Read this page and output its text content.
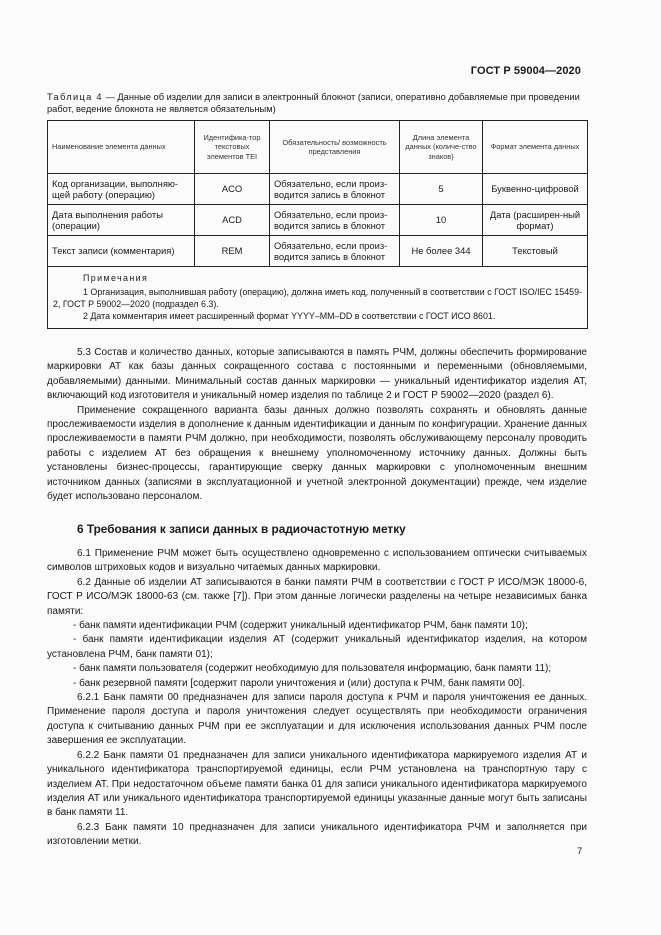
ГОСТ Р 59004—2020
Таблица 4 — Данные об изделии для записи в электронный блокнот (записи, оперативно добавляемые при проведении работ, ведение блокнота не является обязательным)
Наименование элемента данных	Идентифика-тор текстовых элементов TEI	Обязательность/ возможность представления	Длина элемента данных (количе-ство знаков)	Формат элемента данных
Код организации, выполняю-щей работу (операцию)	ACO	Обязательно, если произ-водится запись в блокнот	5	Буквенно-цифровой
Дата выполнения работы (операции)	ACD	Обязательно, если произ-водится запись в блокнот	10	Дата (расширен-ный формат)
Текст записи (комментария)	REM	Обязательно, если произ-водится запись в блокнот	Не более 344	Текстовый

Примечания
1 Организация, выполнившая работу (операцию), должна иметь код, полученный в соответствии с ГОСТ ISO/IEC 15459-2, ГОСТ Р 59002—2020 (подраздел 6.3).
2 Дата комментария имеет расширенный формат YYYY–MM–DD в соответствии с ГОСТ ИСО 8601.				

5.3 Состав и количество данных, которые записываются в память РЧМ, должны обеспечить формирование маркировки АТ как базы данных сокращенного состава с постоянными и переменными (обновляемыми, добавляемыми) данными. Минимальный состав данных маркировки — уникальный идентификатор изделия АТ, включающий код изготовителя и уникальный номер изделия по таблице 2 и ГОСТ Р 59002—2020 (раздел 6).

Применение сокращенного варианта базы данных должно позволять сохранять и обновлять данные прослеживаемости изделия в дополнение к данным идентификации и данным по конфигурации. Хранение данных прослеживаемости в памяти РЧМ должно, при необходимости, позволять обслуживающему персоналу проводить работы с изделием АТ без обращения к внешнему уполномоченному источнику данных. Должны быть установлены бизнес-процессы, гарантирующие сверку данных маркировки с уполномоченным внешним источником данных (записями в эксплуатационной и учетной электронной документации) прежде, чем изделие будет использовано персоналом.

6 Требования к записи данных в радиочастотную метку

6.1 Применение РЧМ может быть осуществлено одновременно с использованием оптически считываемых символов штриховых кодов и визуально читаемых данных маркировки.

6.2 Данные об изделии АТ записываются в банки памяти РЧМ в соответствии с ГОСТ Р ИСО/МЭК 18000-6, ГОСТ Р ИСО/МЭК 18000-63 (см. также [7]). При этом данные логически разделены на четыре независимых банка памяти:

- банк памяти идентификации РЧМ (содержит уникальный идентификатор РЧМ, банк памяти 10);

- банк памяти идентификации изделия АТ (содержит уникальный идентификатор изделия, на котором установлена РЧМ, банк памяти 01);

- банк памяти пользователя (содержит необходимую для пользователя информацию, банк памяти 11);

- банк резервной памяти [содержит пароли уничтожения и (или) доступа к РЧМ, банк памяти 00].

6.2.1 Банк памяти 00 предназначен для записи пароля доступа к РЧМ и пароля уничтожения ее данных. Применение пароля доступа и пароля уничтожения следует осуществлять при необходимости ограничения доступа к считыванию данных РЧМ при ее эксплуатации и для исключения использования данных РЧМ после завершения ее эксплуатации.

6.2.2 Банк памяти 01 предназначен для записи уникального идентификатора маркируемого изделия АТ и уникального идентификатора транспортируемой единицы, если РЧМ установлена на транспортную тару с изделием АТ. При недостаточном объеме памяти банка 01 для записи уникального идентификатора маркируемого изделия АТ или уникального идентификатора транспортируемой единицы указанные данные могут быть записаны в банк памяти 11.

6.2.3 Банк памяти 10 предназначен для записи уникального идентификатора РЧМ и заполняется при изготовлении метки.

7
